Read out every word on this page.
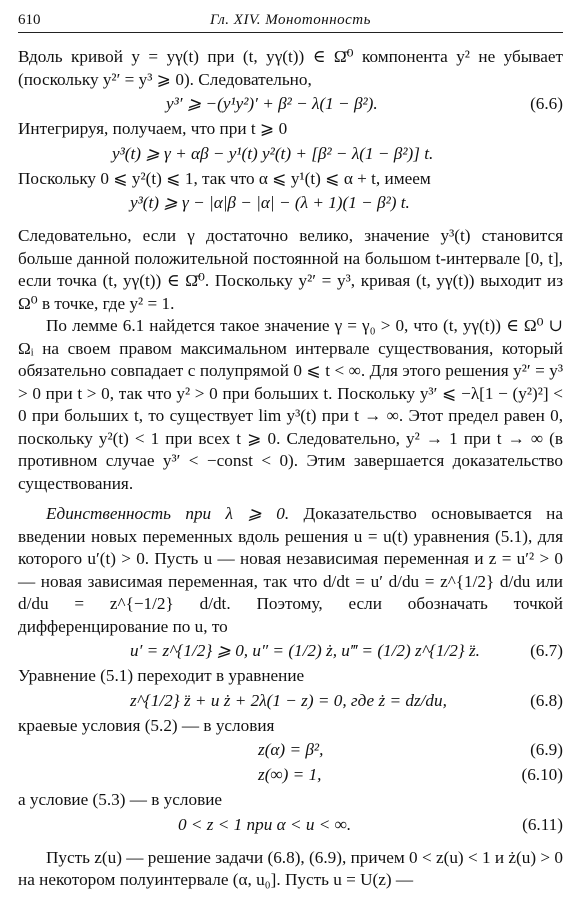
610	Гл. XIV. Монотонность

Вдоль кривой y = yγ(t) при (t, yγ(t)) ∈ Ω̄⁰ компонента y² не убывает (поскольку y²′ = y³ ⩾ 0). Следовательно,

y³′ ⩾ −(y¹y²)′ + β² − λ(1 − β²).	(6.6)

Интегрируя, получаем, что при t ⩾ 0

y³(t) ⩾ γ + αβ − y¹(t) y²(t) + [β² − λ(1 − β²)] t.

Поскольку 0 ⩽ y²(t) ⩽ 1, так что α ⩽ y¹(t) ⩽ α + t, имеем

y³(t) ⩾ γ − |α|β − |α| − (λ + 1)(1 − β²) t.

Следовательно, если γ достаточно велико, значение y³(t) становится больше данной положительной постоянной на большом t-интервале [0, t], если точка (t, yγ(t)) ∈ Ω̄⁰. Поскольку y²′ = y³, кривая (t, yγ(t)) выходит из Ω⁰ в точке, где y² = 1.

По лемме 6.1 найдется такое значение γ = γ₀ > 0, что (t, yγ(t)) ∈ Ω⁰ ∪ Ωᵢ на своем правом максимальном интервале существования, который обязательно совпадает с полупрямой 0 ⩽ t < ∞. Для этого решения y²′ = y³ > 0 при t > 0, так что y² > 0 при больших t. Поскольку y³′ ⩽ −λ[1 − (y²)²] < 0 при больших t, то существует lim y³(t) при t → ∞. Этот предел равен 0, поскольку y²(t) < 1 при всех t ⩾ 0. Следовательно, y² → 1 при t → ∞ (в противном случае y³′ < −const < 0). Этим завершается доказательство существования.

Единственность при λ ⩾ 0. Доказательство основывается на введении новых переменных вдоль решения u = u(t) уравнения (5.1), для которого u′(t) > 0. Пусть u — новая независимая переменная и z = u′² > 0 — новая зависимая переменная, так что d/dt = u′ d/du = z^{1/2} d/du или d/du = z^{−1/2} d/dt. Поэтому, если обозначать точкой дифференцирование по u, то

u′ = z^{1/2} ⩾ 0, u″ = (1/2) ż, u‴ = (1/2) z^{1/2} z̈.	(6.7)

Уравнение (5.1) переходит в уравнение

z^{1/2} z̈ + u ż + 2λ(1 − z) = 0, где ż = dz/du,	(6.8)

краевые условия (5.2) — в условия

z(α) = β²,	(6.9)
z(∞) = 1,	(6.10)

а условие (5.3) — в условие

0 < z < 1 при α < u < ∞.	(6.11)

Пусть z(u) — решение задачи (6.8), (6.9), причем 0 < z(u) < 1 и ż(u) > 0 на некотором полуинтервале (α, u₀]. Пусть u = U(z) —
